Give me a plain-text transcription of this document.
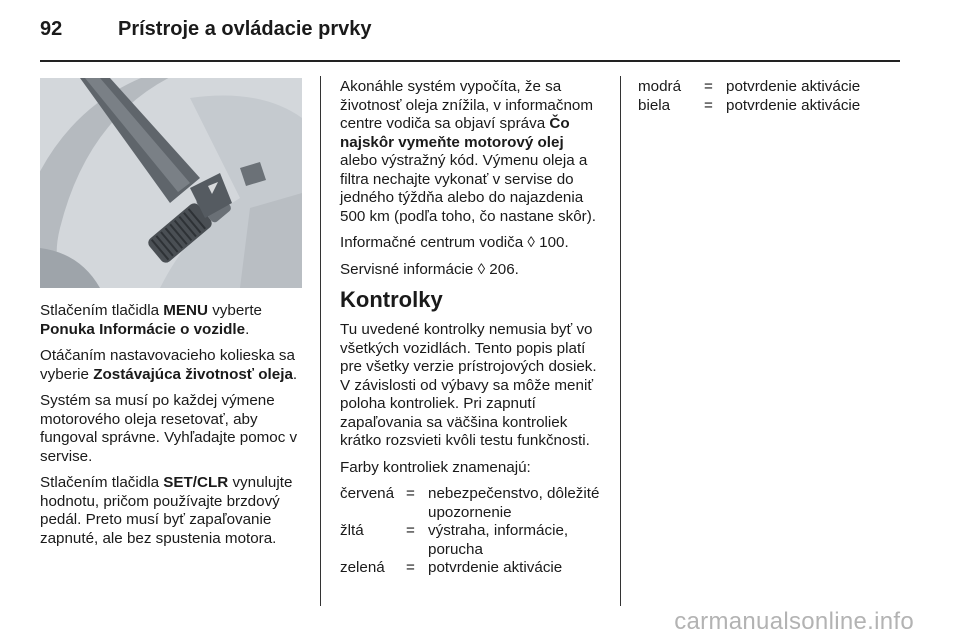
92	Prístroje a ovládacie prvky

Stlačením tlačidla MENU vyberte Ponuka Informácie o vozidle.

Otáčaním nastavovacieho kolieska sa vyberie Zostávajúca životnosť oleja.

Systém sa musí po každej výmene motorového oleja resetovať, aby fungoval správne. Vyhľadajte pomoc v servise.

Stlačením tlačidla SET/CLR vynulujte hodnotu, pričom používajte brzdový pedál. Preto musí byť zapaľovanie zapnuté, ale bez spustenia motora.

Akonáhle systém vypočíta, že sa životnosť oleja znížila, v informačnom centre vodiča sa objaví správa Čo najskôr vymeňte motorový olej alebo výstražný kód. Výmenu oleja a filtra nechajte vykonať v servise do jedného týždňa alebo do najazdenia 500 km (podľa toho, čo nastane skôr).

Informačné centrum vodiča ◊ 100.

Servisné informácie ◊ 206.

Kontrolky

Tu uvedené kontrolky nemusia byť vo všetkých vozidlách. Tento popis platí pre všetky verzie prístrojových dosiek. V závislosti od výbavy sa môže meniť poloha kontroliek. Pri zapnutí zapaľovania sa väčšina kontroliek krátko rozsvieti kvôli testu funkčnosti.

Farby kontroliek znamenajú:

červená	=	nebezpečenstvo, dôležité upozornenie
žltá	=	výstraha, informácie, porucha
zelená	=	potvrdenie aktivácie
modrá	=	potvrdenie aktivácie
biela	=	potvrdenie aktivácie
carmanualsonline.info
